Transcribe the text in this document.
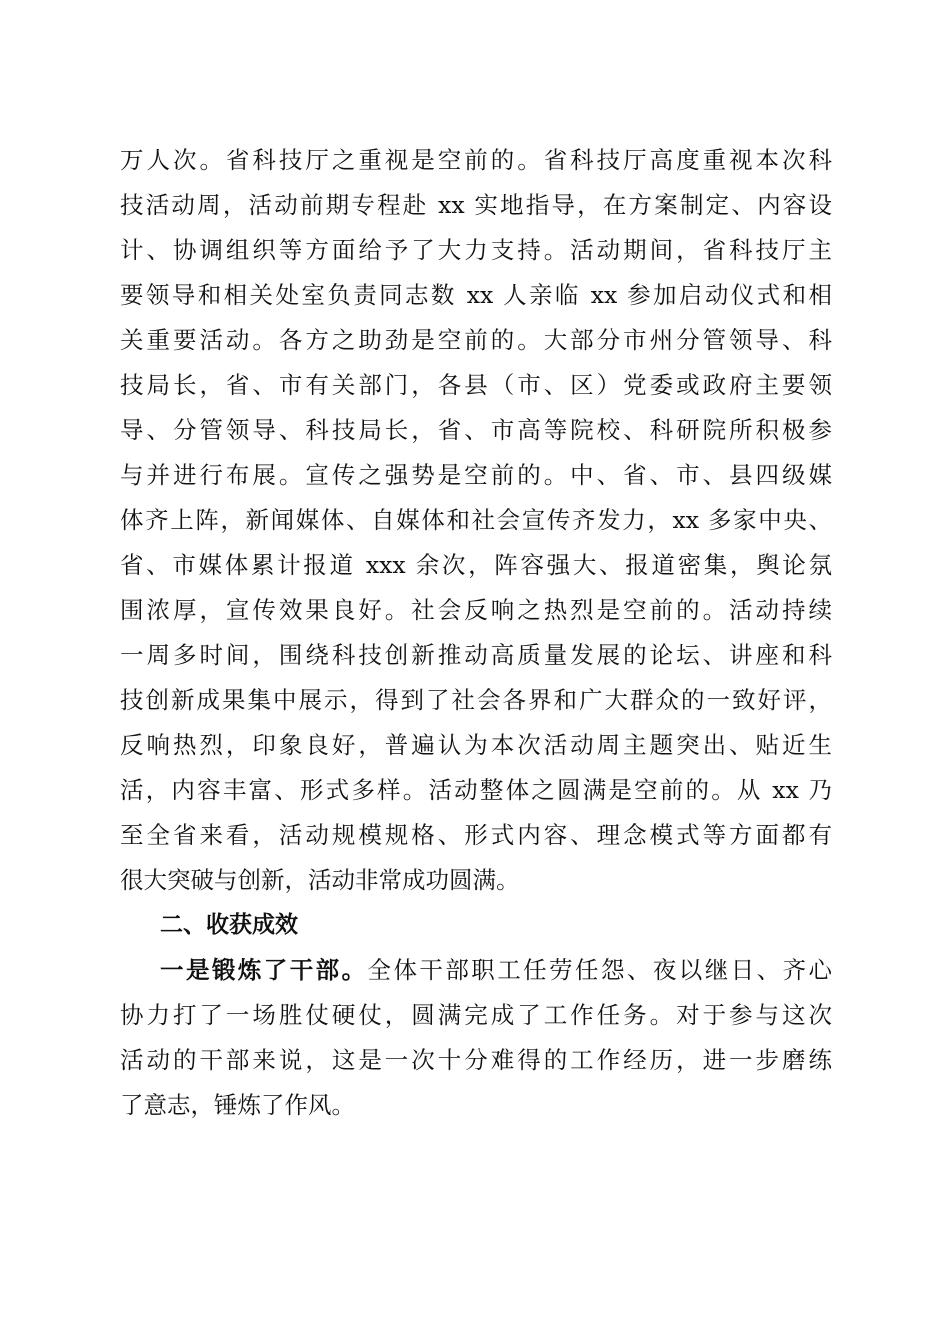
万人次。省科技厅之重视是空前的。省科技厅高度重视本次科
技活动周，活动前期专程赴 xx 实地指导，在方案制定、内容设
计、协调组织等方面给予了大力支持。活动期间，省科技厅主
要领导和相关处室负责同志数 xx 人亲临 xx 参加启动仪式和相
关重要活动。各方之助劲是空前的。大部分市州分管领导、科
技局长，省、市有关部门，各县（市、区）党委或政府主要领
导、分管领导、科技局长，省、市高等院校、科研院所积极参
与并进行布展。宣传之强势是空前的。中、省、市、县四级媒
体齐上阵，新闻媒体、自媒体和社会宣传齐发力，xx 多家中央、
省、市媒体累计报道 xxx 余次，阵容强大、报道密集，舆论氛
围浓厚，宣传效果良好。社会反响之热烈是空前的。活动持续
一周多时间，围绕科技创新推动高质量发展的论坛、讲座和科
技创新成果集中展示，得到了社会各界和广大群众的一致好评，
反响热烈，印象良好，普遍认为本次活动周主题突出、贴近生
活，内容丰富、形式多样。活动整体之圆满是空前的。从 xx 乃
至全省来看，活动规模规格、形式内容、理念模式等方面都有
很大突破与创新，活动非常成功圆满。
二、收获成效
一是锻炼了干部。全体干部职工任劳任怨、夜以继日、齐心
协力打了一场胜仗硬仗，圆满完成了工作任务。对于参与这次
活动的干部来说，这是一次十分难得的工作经历，进一步磨练
了意志，锤炼了作风。
